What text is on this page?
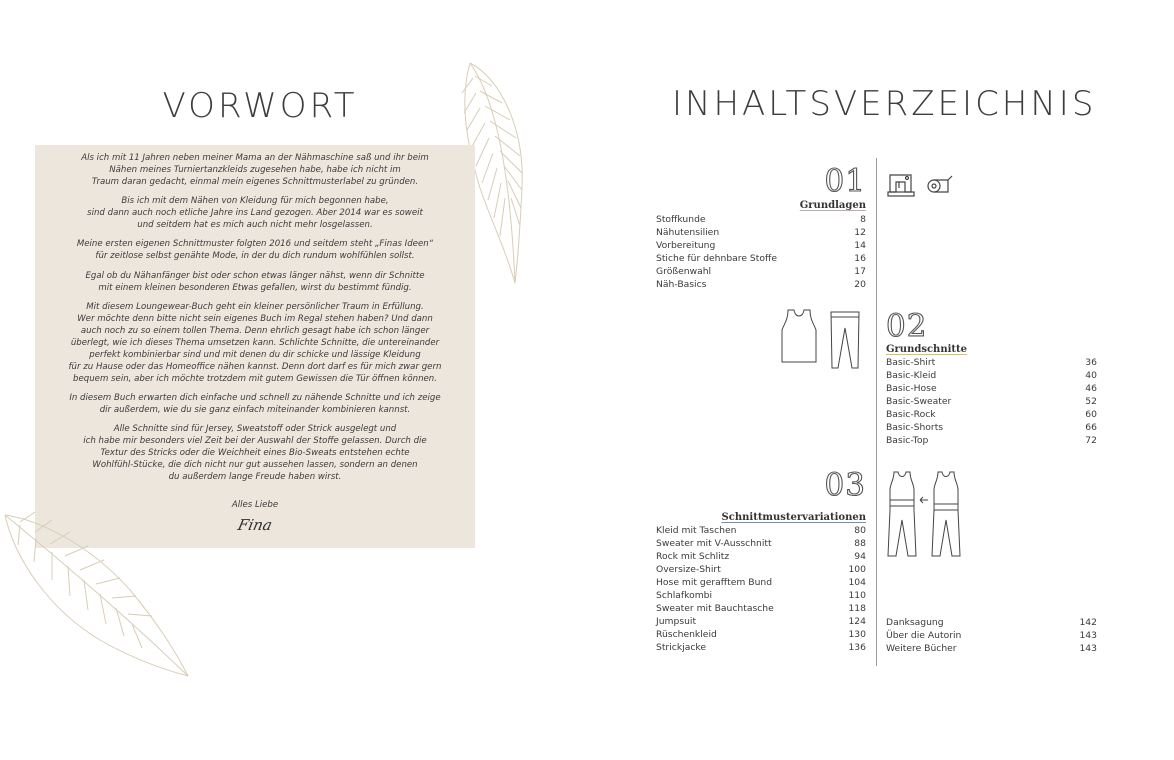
VORWORT

Als ich mit 11 Jahren neben meiner Mama an der Nähmaschine saß und ihr beim
Nähen meines Turniertanzkleids zugesehen habe, habe ich nicht im
Traum daran gedacht, einmal mein eigenes Schnittmusterlabel zu gründen.

Bis ich mit dem Nähen von Kleidung für mich begonnen habe,
sind dann auch noch etliche Jahre ins Land gezogen. Aber 2014 war es soweit
und seitdem hat es mich auch nicht mehr losgelassen.

Meine ersten eigenen Schnittmuster folgten 2016 und seitdem steht „Finas Ideen“
für zeitlose selbst genähte Mode, in der du dich rundum wohlfühlen sollst.

Egal ob du Nähanfänger bist oder schon etwas länger nähst, wenn dir Schnitte
mit einem kleinen besonderen Etwas gefallen, wirst du bestimmt fündig.

Mit diesem Loungewear-Buch geht ein kleiner persönlicher Traum in Erfüllung.
Wer möchte denn bitte nicht sein eigenes Buch im Regal stehen haben? Und dann
auch noch zu so einem tollen Thema. Denn ehrlich gesagt habe ich schon länger
überlegt, wie ich dieses Thema umsetzen kann. Schlichte Schnitte, die untereinander
perfekt kombinierbar sind und mit denen du dir schicke und lässige Kleidung
für zu Hause oder das Homeoffice nähen kannst. Denn dort darf es für mich zwar gern
bequem sein, aber ich möchte trotzdem mit gutem Gewissen die Tür öffnen können.

In diesem Buch erwarten dich einfache und schnell zu nähende Schnitte und ich zeige
dir außerdem, wie du sie ganz einfach miteinander kombinieren kannst.

Alle Schnitte sind für Jersey, Sweatstoff oder Strick ausgelegt und
ich habe mir besonders viel Zeit bei der Auswahl der Stoffe gelassen. Durch die
Textur des Stricks oder die Weichheit eines Bio-Sweats entstehen echte
Wohlfühl-Stücke, die dich nicht nur gut aussehen lassen, sondern an denen
du außerdem lange Freude haben wirst.

Alles Liebe
Fina
INHALTSVERZEICHNIS
01
Grundlagen
Stoffkunde	8
Nähutensilien	12
Vorbereitung	14
Stiche für dehnbare Stoffe	16
Größenwahl	17
Näh-Basics	20
02
Grundschnitte
Basic-Shirt	36
Basic-Kleid	40
Basic-Hose	46
Basic-Sweater	52
Basic-Rock	60
Basic-Shorts	66
Basic-Top	72
03
Schnittmustervariationen
Kleid mit Taschen	80
Sweater mit V-Ausschnitt	88
Rock mit Schlitz	94
Oversize-Shirt	100
Hose mit gerafftem Bund	104
Schlafkombi	110
Sweater mit Bauchtasche	118
Jumpsuit	124
Rüschenkleid	130
Strickjacke	136
Danksagung	142
Über die Autorin	143
Weitere Bücher	143
